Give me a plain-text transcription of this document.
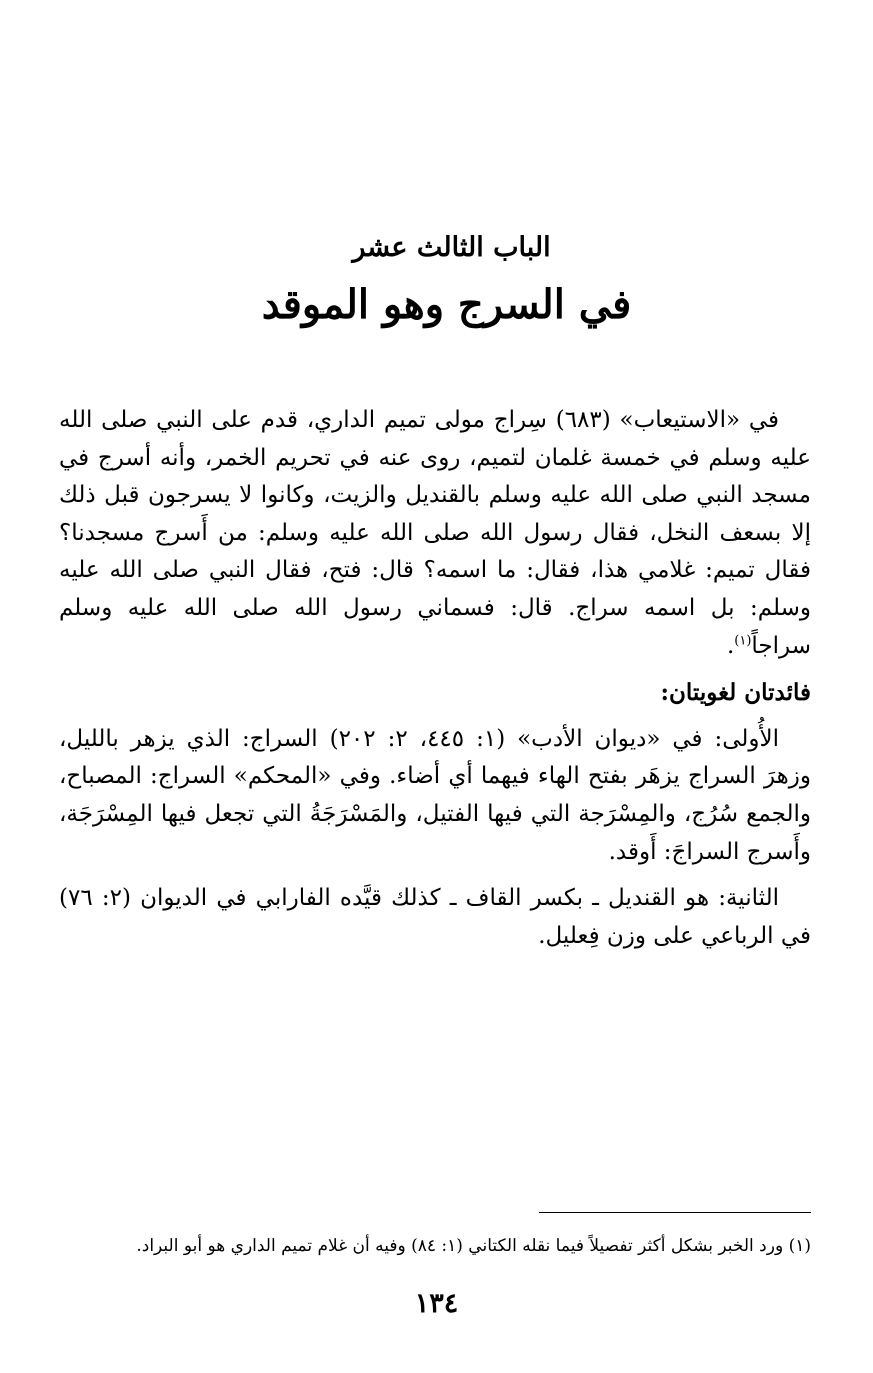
الباب الثالث عشر
في السرج وهو الموقد

في «الاستيعاب» (٦٨٣) سِراج مولى تميم الداري، قدم على النبي صلى الله عليه وسلم في خمسة غلمان لتميم، روى عنه في تحريم الخمر، وأنه أسرج في مسجد النبي صلى الله عليه وسلم بالقنديل والزيت، وكانوا لا يسرجون قبل ذلك إلا بسعف النخل، فقال رسول الله صلى الله عليه وسلم: من أَسرج مسجدنا؟ فقال تميم: غلامي هذا، فقال: ما اسمه؟ قال: فتح، فقال النبي صلى الله عليه وسلم: بل اسمه سراج. قال: فسماني رسول الله صلى الله عليه وسلم سراجاً$^{(١)}$.

فائدتان لغويتان:

الأُولى: في «ديوان الأدب» (١: ٤٤٥، ٢: ٢٠٢) السراج: الذي يزهر بالليل، وزهرَ السراج يزهَر بفتح الهاء فيهما أي أضاء. وفي «المحكم» السراج: المصباح، والجمع سُرُج، والمِسْرَجة التي فيها الفتيل، والمَسْرَجَةُ التي تجعل فيها المِسْرَجَة، وأَسرج السراجَ: أَوقد.

الثانية: هو القنديل ـ بكسر القاف ـ كذلك قيَّده الفارابي في الديوان (٢: ٧٦) في الرباعي على وزن فِعليل.

(١) ورد الخبر بشكل أكثر تفصيلاً فيما نقله الكتاني (١: ٨٤) وفيه أن غلام تميم الداري هو أبو البراد.
١٣٤
